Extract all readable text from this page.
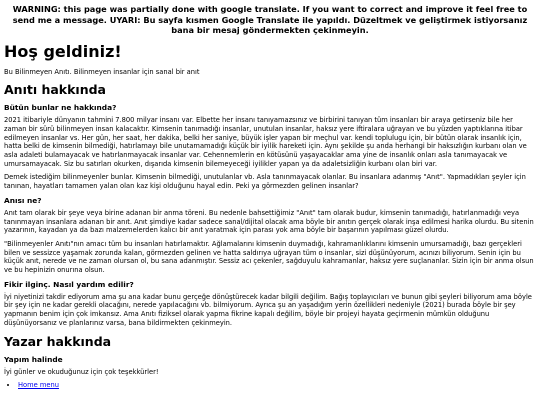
WARNING: this page was partially done with google translate. If you want to correct and improve it feel free to send me a message. UYARI: Bu sayfa kısmen Google Translate ile yapıldı. Düzeltmek ve geliştirmek istiyorsanız bana bir mesaj göndermekten çekinmeyin.
Hoş geldiniz!

Bu Bilinmeyen Anıtı. Bilinmeyen insanlar için sanal bir anıt

Anıtı hakkında
Bütün bunlar ne hakkında?

2021 itibariyle dünyanın tahmini 7.800 milyar insanı var. Elbette her insanı tanıyamazsınız ve birbirini tanıyan tüm insanları bir araya getirseniz bile her zaman bir sürü bilinmeyen insan kalacaktır. Kimsenin tanımadığı insanlar, unutulan insanlar, haksız yere iftiralara uğrayan ve bu yüzden yaptıklarına itibar edilmeyen insanlar vs. Her gün, her saat, her dakika, belki her saniye, büyük işler yapan bir meçhul var. kendi toplulugu için, bir bütün olarak insanlık için, hatta belki de kimsenin bilmediği, hatırlamayı bile unutamamadığı küçük bir iyilik hareketi için. Aynı şekilde şu anda herhangi bir haksızlığın kurbanı olan ve asla adaleti bulamayacak ve hatırlanmayacak insanlar var. Cehennemlerin en kötüsünü yaşayacaklar ama yine de insanlık onları asla tanımayacak ve umursamayacak. Siz bu satırları okurken, dışarıda kimsenin bilemeyeceği iyilikler yapan ya da adaletsizliğin kurbanı olan biri var.

Demek istediğim bilinmeyenler bunlar. Kimsenin bilmediği, unutulanlar vb. Asla tanınmayacak olanlar. Bu insanlara adanmış "Anıt". Yapmadıkları şeyler için tanınan, hayatları tamamen yalan olan kaz kişi olduğunu hayal edin. Peki ya görmezden gelinen insanlar?

Anısı ne?

Anıt tam olarak bir şeye veya birine adanan bir anma töreni. Bu nedenle bahsettiğimiz "Anıt" tam olarak budur, kimsenin tanımadığı, hatırlanmadığı veya tanınmayan insanlara adanan bir anıt. Anıt şimdiye kadar sadece sanal/dijital olacak ama böyle bir anıtın gerçek olarak inşa edilmesi harika olurdu. Bu sitenin yazarının, kayadan ya da bazı malzemelerden kalıcı bir anıt yaratmak için parası yok ama böyle bir başarının yapılması güzel olurdu.

"Bilinmeyenler Anıtı"nın amacı tüm bu insanları hatırlamaktır. Ağlamalarını kimsenin duymadığı, kahramanlıklarını kimsenin umursamadığı, bazı gerçekleri bilen ve sessizce yaşamak zorunda kalan, görmezden gelinen ve hatta saldırıya uğrayan tüm o insanlar, sizi düşünüyorum, acınızı biliyorum. Senin için bu küçük anıt, nerede ve ne zaman olursan ol, bu sana adanmıştır. Sessiz acı çekenler, sağduyulu kahramanlar, haksız yere suçlananlar. Sizin için bir anma olsun ve bu hepinizin onurına olsun.

Fikir ilginç. Nasıl yardım edilir?

İyi niyetinizi takdir ediyorum ama şu ana kadar bunu gerçeğe dönüştürecek kadar bilgili değilim. Bağış toplayıcıları ve bunun gibi şeyleri biliyorum ama böyle bir şey için ne kadar gerekli olacağını, nerede yapılacağını vb. bilmiyorum. Ayrıca şu an yaşadığım yerin özellikleri nedeniyle (2021) burada böyle bir şey yapmanın benim için çok imkansız. Ama Anıtı fiziksel olarak yapma fikrine kapalı değilim, böyle bir projeyi hayata geçirmenin mümkün olduğunu düşünüyorsanız ve planlarınız varsa, bana bildirmekten çekinmeyin.

Yazar hakkında
Yapım halinde

İyi günler ve okuduğunuz için çok teşekkürler!

• Home menu
